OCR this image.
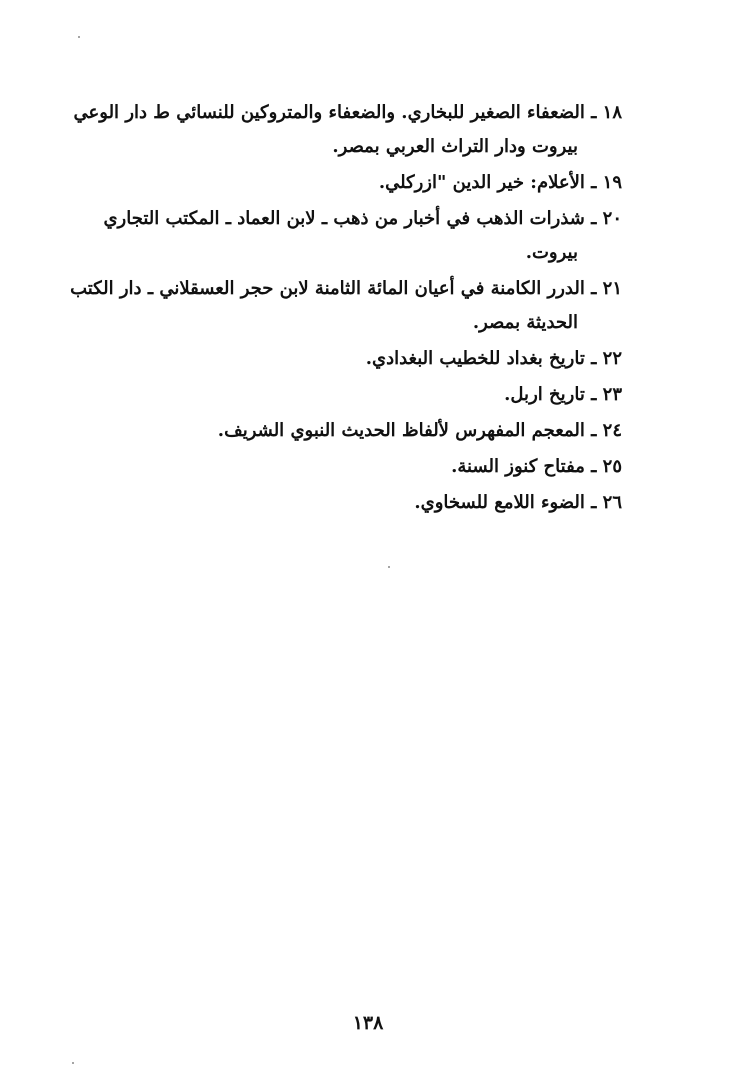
١٨ ـ الضعفاء الصغير للبخاري. والضعفاء والمتروكين للنسائي ط دار الوعي
بيروت ودار التراث العربي بمصر.

١٩ ـ الأعلام: خير الدين "ازركلي.

٢٠ ـ شذرات الذهب في أخبار من ذهب ـ لابن العماد ـ المكتب التجاري
بيروت.

٢١ ـ الدرر الكامنة في أعيان المائة الثامنة لابن حجر العسقلاني ـ دار الكتب
الحديثة بمصر.

٢٢ ـ تاريخ بغداد للخطيب البغدادي.

٢٣ ـ تاريخ اربل.

٢٤ ـ المعجم المفهرس لألفاظ الحديث النبوي الشريف.

٢٥ ـ مفتاح كنوز السنة.

٢٦ ـ الضوء اللامع للسخاوي.

١٣٨
